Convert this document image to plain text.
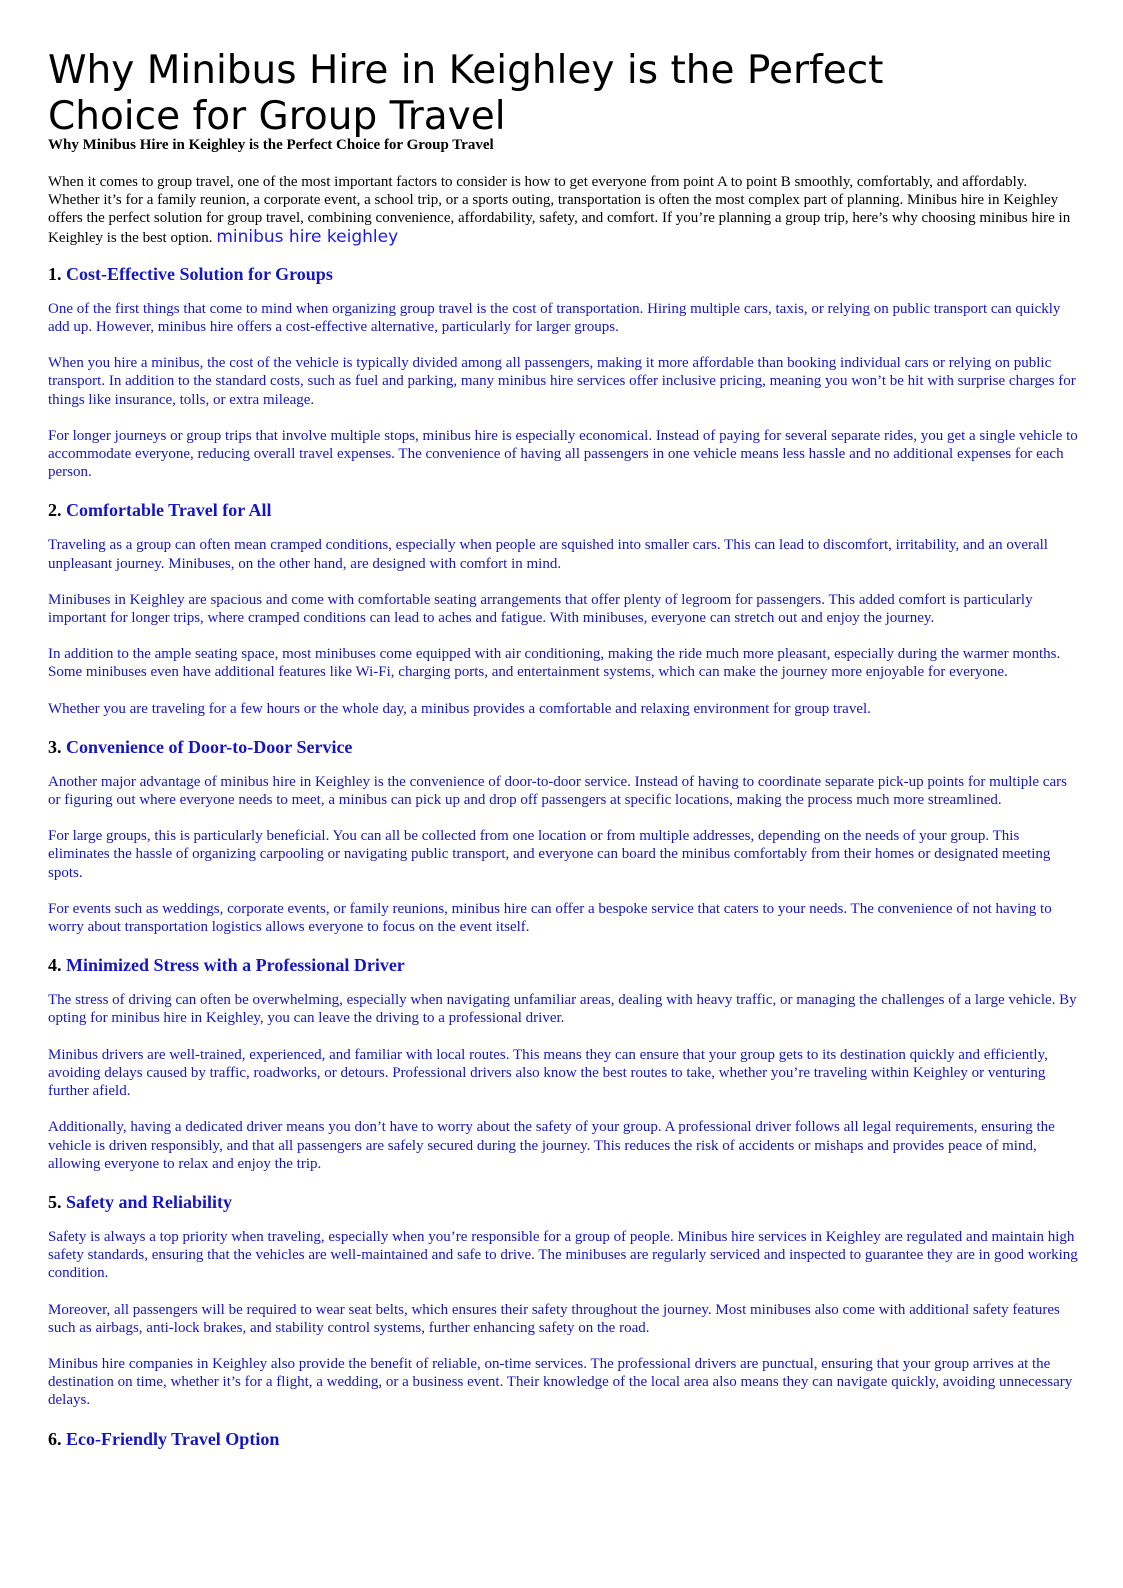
Why Minibus Hire in Keighley is the Perfect Choice for Group Travel
Why Minibus Hire in Keighley is the Perfect Choice for Group Travel

When it comes to group travel, one of the most important factors to consider is how to get everyone from point A to point B smoothly, comfortably, and affordably. Whether it’s for a family reunion, a corporate event, a school trip, or a sports outing, transportation is often the most complex part of planning. Minibus hire in Keighley offers the perfect solution for group travel, combining convenience, affordability, safety, and comfort. If you’re planning a group trip, here’s why choosing minibus hire in Keighley is the best option. minibus hire keighley

1. Cost-Effective Solution for Groups

One of the first things that come to mind when organizing group travel is the cost of transportation. Hiring multiple cars, taxis, or relying on public transport can quickly add up. However, minibus hire offers a cost-effective alternative, particularly for larger groups.

When you hire a minibus, the cost of the vehicle is typically divided among all passengers, making it more affordable than booking individual cars or relying on public transport. In addition to the standard costs, such as fuel and parking, many minibus hire services offer inclusive pricing, meaning you won’t be hit with surprise charges for things like insurance, tolls, or extra mileage.

For longer journeys or group trips that involve multiple stops, minibus hire is especially economical. Instead of paying for several separate rides, you get a single vehicle to accommodate everyone, reducing overall travel expenses. The convenience of having all passengers in one vehicle means less hassle and no additional expenses for each person.

2. Comfortable Travel for All

Traveling as a group can often mean cramped conditions, especially when people are squished into smaller cars. This can lead to discomfort, irritability, and an overall unpleasant journey. Minibuses, on the other hand, are designed with comfort in mind.

Minibuses in Keighley are spacious and come with comfortable seating arrangements that offer plenty of legroom for passengers. This added comfort is particularly important for longer trips, where cramped conditions can lead to aches and fatigue. With minibuses, everyone can stretch out and enjoy the journey.

In addition to the ample seating space, most minibuses come equipped with air conditioning, making the ride much more pleasant, especially during the warmer months. Some minibuses even have additional features like Wi-Fi, charging ports, and entertainment systems, which can make the journey more enjoyable for everyone.

Whether you are traveling for a few hours or the whole day, a minibus provides a comfortable and relaxing environment for group travel.

3. Convenience of Door-to-Door Service

Another major advantage of minibus hire in Keighley is the convenience of door-to-door service. Instead of having to coordinate separate pick-up points for multiple cars or figuring out where everyone needs to meet, a minibus can pick up and drop off passengers at specific locations, making the process much more streamlined.

For large groups, this is particularly beneficial. You can all be collected from one location or from multiple addresses, depending on the needs of your group. This eliminates the hassle of organizing carpooling or navigating public transport, and everyone can board the minibus comfortably from their homes or designated meeting spots.

For events such as weddings, corporate events, or family reunions, minibus hire can offer a bespoke service that caters to your needs. The convenience of not having to worry about transportation logistics allows everyone to focus on the event itself.

4. Minimized Stress with a Professional Driver

The stress of driving can often be overwhelming, especially when navigating unfamiliar areas, dealing with heavy traffic, or managing the challenges of a large vehicle. By opting for minibus hire in Keighley, you can leave the driving to a professional driver.

Minibus drivers are well-trained, experienced, and familiar with local routes. This means they can ensure that your group gets to its destination quickly and efficiently, avoiding delays caused by traffic, roadworks, or detours. Professional drivers also know the best routes to take, whether you’re traveling within Keighley or venturing further afield.

Additionally, having a dedicated driver means you don’t have to worry about the safety of your group. A professional driver follows all legal requirements, ensuring the vehicle is driven responsibly, and that all passengers are safely secured during the journey. This reduces the risk of accidents or mishaps and provides peace of mind, allowing everyone to relax and enjoy the trip.

5. Safety and Reliability

Safety is always a top priority when traveling, especially when you’re responsible for a group of people. Minibus hire services in Keighley are regulated and maintain high safety standards, ensuring that the vehicles are well-maintained and safe to drive. The minibuses are regularly serviced and inspected to guarantee they are in good working condition.

Moreover, all passengers will be required to wear seat belts, which ensures their safety throughout the journey. Most minibuses also come with additional safety features such as airbags, anti-lock brakes, and stability control systems, further enhancing safety on the road.

Minibus hire companies in Keighley also provide the benefit of reliable, on-time services. The professional drivers are punctual, ensuring that your group arrives at the destination on time, whether it’s for a flight, a wedding, or a business event. Their knowledge of the local area also means they can navigate quickly, avoiding unnecessary delays.

6. Eco-Friendly Travel Option
